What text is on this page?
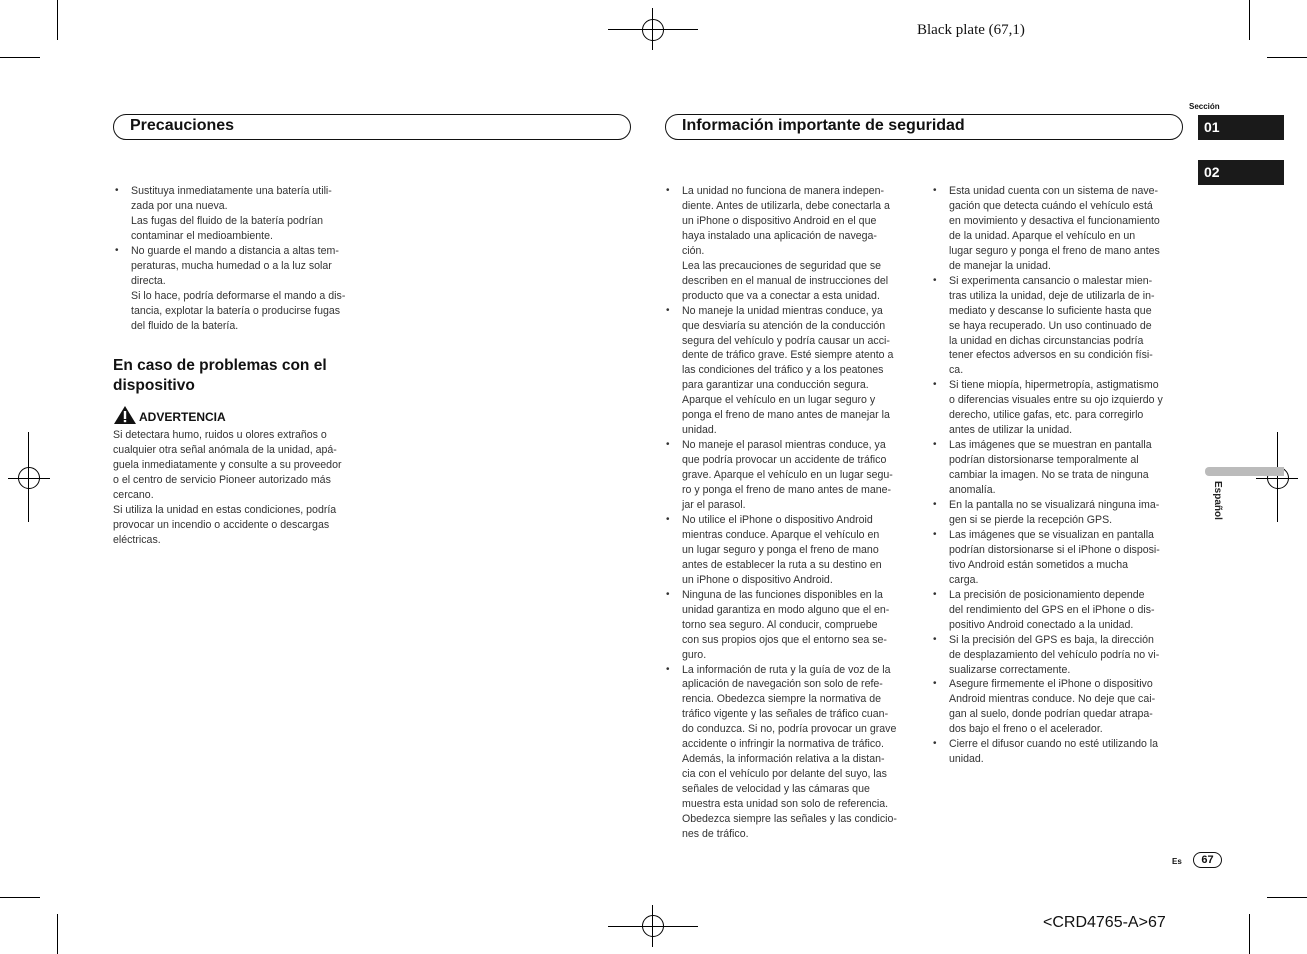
Black plate (67,1)
<CRD4765-A>67
Precauciones	Información importante de seguridad
Sección
01
02
Español
• Sustituya inmediatamente una batería utili-
zada por una nueva.
Las fugas del fluido de la batería podrían
contaminar el medioambiente.
• No guarde el mando a distancia a altas tem-
peraturas, mucha humedad o a la luz solar
directa.
Si lo hace, podría deformarse el mando a dis-
tancia, explotar la batería o producirse fugas
del fluido de la batería.
En caso de problemas con el
dispositivo
ADVERTENCIA
Si detectara humo, ruidos u olores extraños o
cualquier otra señal anómala de la unidad, apá-
guela inmediatamente y consulte a su proveedor
o el centro de servicio Pioneer autorizado más
cercano.
Si utiliza la unidad en estas condiciones, podría
provocar un incendio o accidente o descargas
eléctricas.
• La unidad no funciona de manera indepen-
diente. Antes de utilizarla, debe conectarla a
un iPhone o dispositivo Android en el que
haya instalado una aplicación de navega-
ción.
Lea las precauciones de seguridad que se
describen en el manual de instrucciones del
producto que va a conectar a esta unidad.
• No maneje la unidad mientras conduce, ya
que desviaría su atención de la conducción
segura del vehículo y podría causar un acci-
dente de tráfico grave. Esté siempre atento a
las condiciones del tráfico y a los peatones
para garantizar una conducción segura.
Aparque el vehículo en un lugar seguro y
ponga el freno de mano antes de manejar la
unidad.
• No maneje el parasol mientras conduce, ya
que podría provocar un accidente de tráfico
grave. Aparque el vehículo en un lugar segu-
ro y ponga el freno de mano antes de mane-
jar el parasol.
• No utilice el iPhone o dispositivo Android
mientras conduce. Aparque el vehículo en
un lugar seguro y ponga el freno de mano
antes de establecer la ruta a su destino en
un iPhone o dispositivo Android.
• Ninguna de las funciones disponibles en la
unidad garantiza en modo alguno que el en-
torno sea seguro. Al conducir, compruebe
con sus propios ojos que el entorno sea se-
guro.
• La información de ruta y la guía de voz de la
aplicación de navegación son solo de refe-
rencia. Obedezca siempre la normativa de
tráfico vigente y las señales de tráfico cuan-
do conduzca. Si no, podría provocar un grave
accidente o infringir la normativa de tráfico.
Además, la información relativa a la distan-
cia con el vehículo por delante del suyo, las
señales de velocidad y las cámaras que
muestra esta unidad son solo de referencia.
Obedezca siempre las señales y las condicio-
nes de tráfico.
• Esta unidad cuenta con un sistema de nave-
gación que detecta cuándo el vehículo está
en movimiento y desactiva el funcionamiento
de la unidad. Aparque el vehículo en un
lugar seguro y ponga el freno de mano antes
de manejar la unidad.
• Si experimenta cansancio o malestar mien-
tras utiliza la unidad, deje de utilizarla de in-
mediato y descanse lo suficiente hasta que
se haya recuperado. Un uso continuado de
la unidad en dichas circunstancias podría
tener efectos adversos en su condición físi-
ca.
• Si tiene miopía, hipermetropía, astigmatismo
o diferencias visuales entre su ojo izquierdo y
derecho, utilice gafas, etc. para corregirlo
antes de utilizar la unidad.
• Las imágenes que se muestran en pantalla
podrían distorsionarse temporalmente al
cambiar la imagen. No se trata de ninguna
anomalía.
• En la pantalla no se visualizará ninguna ima-
gen si se pierde la recepción GPS.
• Las imágenes que se visualizan en pantalla
podrían distorsionarse si el iPhone o disposi-
tivo Android están sometidos a mucha
carga.
• La precisión de posicionamiento depende
del rendimiento del GPS en el iPhone o dis-
positivo Android conectado a la unidad.
• Si la precisión del GPS es baja, la dirección
de desplazamiento del vehículo podría no vi-
sualizarse correctamente.
• Asegure firmemente el iPhone o dispositivo
Android mientras conduce. No deje que cai-
gan al suelo, donde podrían quedar atrapa-
dos bajo el freno o el acelerador.
• Cierre el difusor cuando no esté utilizando la
unidad.
Es	67
